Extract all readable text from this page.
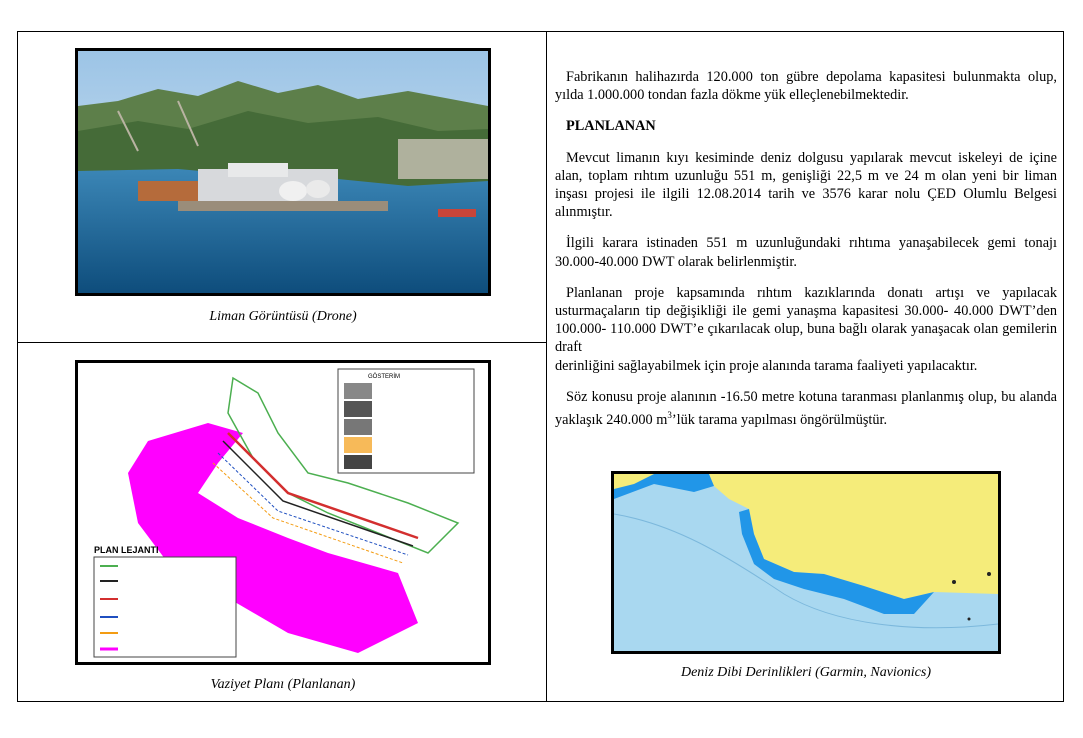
Liman Görüntüsü (Drone)
GÖSTERİM
PLAN LEJANTI
Vaziyet Planı (Planlanan)

Fabrikanın halihazırda 120.000 ton gübre depolama kapasitesi bulunmakta olup, yılda 1.000.000 tondan fazla dökme yük elleçlenebilmektedir.

PLANLANAN

Mevcut limanın kıyı kesiminde deniz dolgusu yapılarak mevcut iskeleyi de içine alan, toplam rıhtım uzunluğu 551 m, genişliği 22,5 m ve 24 m olan yeni bir liman inşası projesi ile ilgili 12.08.2014 tarih ve 3576 karar nolu ÇED Olumlu Belgesi alınmıştır.

İlgili karara istinaden 551 m uzunluğundaki rıhtıma yanaşabilecek gemi tonajı 30.000-40.000 DWT olarak belirlenmiştir.

Planlanan proje kapsamında rıhtım kazıklarında donatı artışı ve yapılacak usturmaçaların tip değişikliği ile gemi yanaşma kapasitesi 30.000- 40.000 DWT’den 100.000- 110.000 DWT’e çıkarılacak olup, buna bağlı olarak yanaşacak olan gemilerin draft

derinliğini sağlayabilmek için proje alanında tarama faaliyeti yapılacaktır.

Söz konusu proje alanının -16.50 metre kotuna taranması planlanmış olup, bu alanda yaklaşık 240.000 $m^3’lük$ tarama yapılması öngörülmüştür.

Deniz Dibi Derinlikleri (Garmin, Navionics)
